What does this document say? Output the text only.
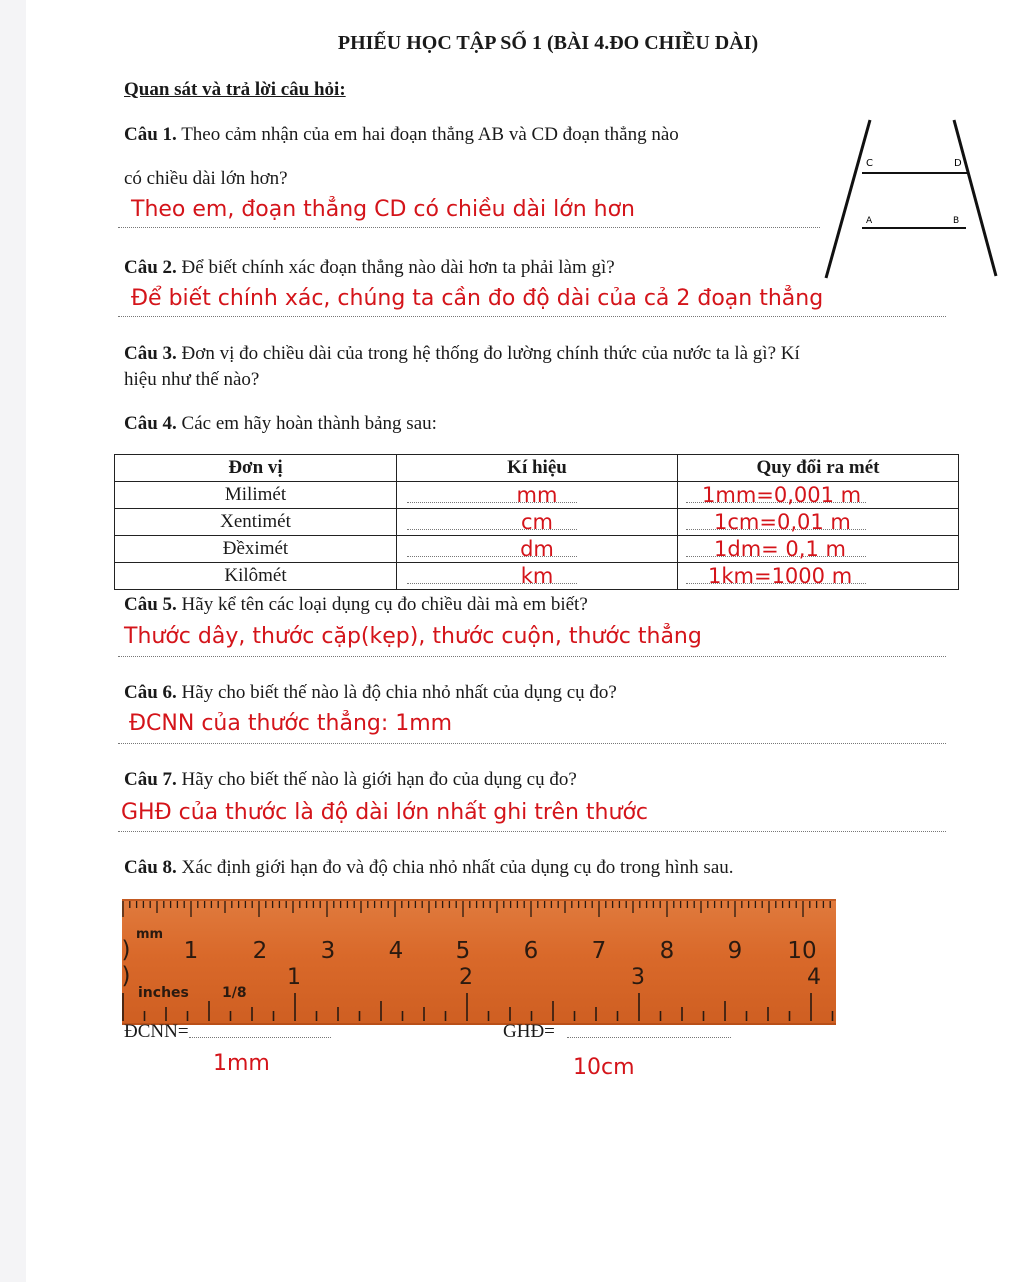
PHIẾU HỌC TẬP SỐ 1 (BÀI 4.ĐO CHIỀU DÀI)
Quan sát và trả lời câu hỏi:
Câu 1. Theo cảm nhận của em hai đoạn thẳng AB và CD đoạn thẳng nào
có chiều dài lớn hơn?
Theo em, đoạn thẳng CD có chiều dài lớn hơn
C	D
A	B
Câu 2. Để biết chính xác đoạn thẳng nào dài hơn ta phải làm gì?
Để biết chính xác, chúng ta cần đo độ dài của cả 2 đoạn thẳng
Câu 3. Đơn vị đo chiều dài của trong hệ thống đo lường chính thức của nước ta là gì? Kí
hiệu như thế nào?
Câu 4. Các em hãy hoàn thành bảng sau:
Đơn vị	Kí hiệu	Quy đổi ra mét
Milimét	mm	1mm=0,001 m

Xentimét	cm	1cm=0,01 m

Đềximét	dm	1dm= 0,1 m

Kilômét	km	1km=1000 m
Câu 5. Hãy kể tên các loại dụng cụ đo chiều dài mà em biết?
Thước dây, thước cặp(kẹp), thước cuộn, thước thẳng
Câu 6. Hãy cho biết thế nào là độ chia nhỏ nhất của dụng cụ đo?
ĐCNN của thước thẳng: 1mm
Câu 7. Hãy cho biết thế nào là giới hạn đo của dụng cụ đo?
GHĐ của thước là độ dài lớn nhất ghi trên thước
Câu 8. Xác định giới hạn đo và độ chia nhỏ nhất của dụng cụ đo trong hình sau.
mm
inches 1/8
)
)
1 2 3 4 5 6 7 8 9 10
1	2	3	4
ĐCNN=	GHĐ=
1mm	10cm
